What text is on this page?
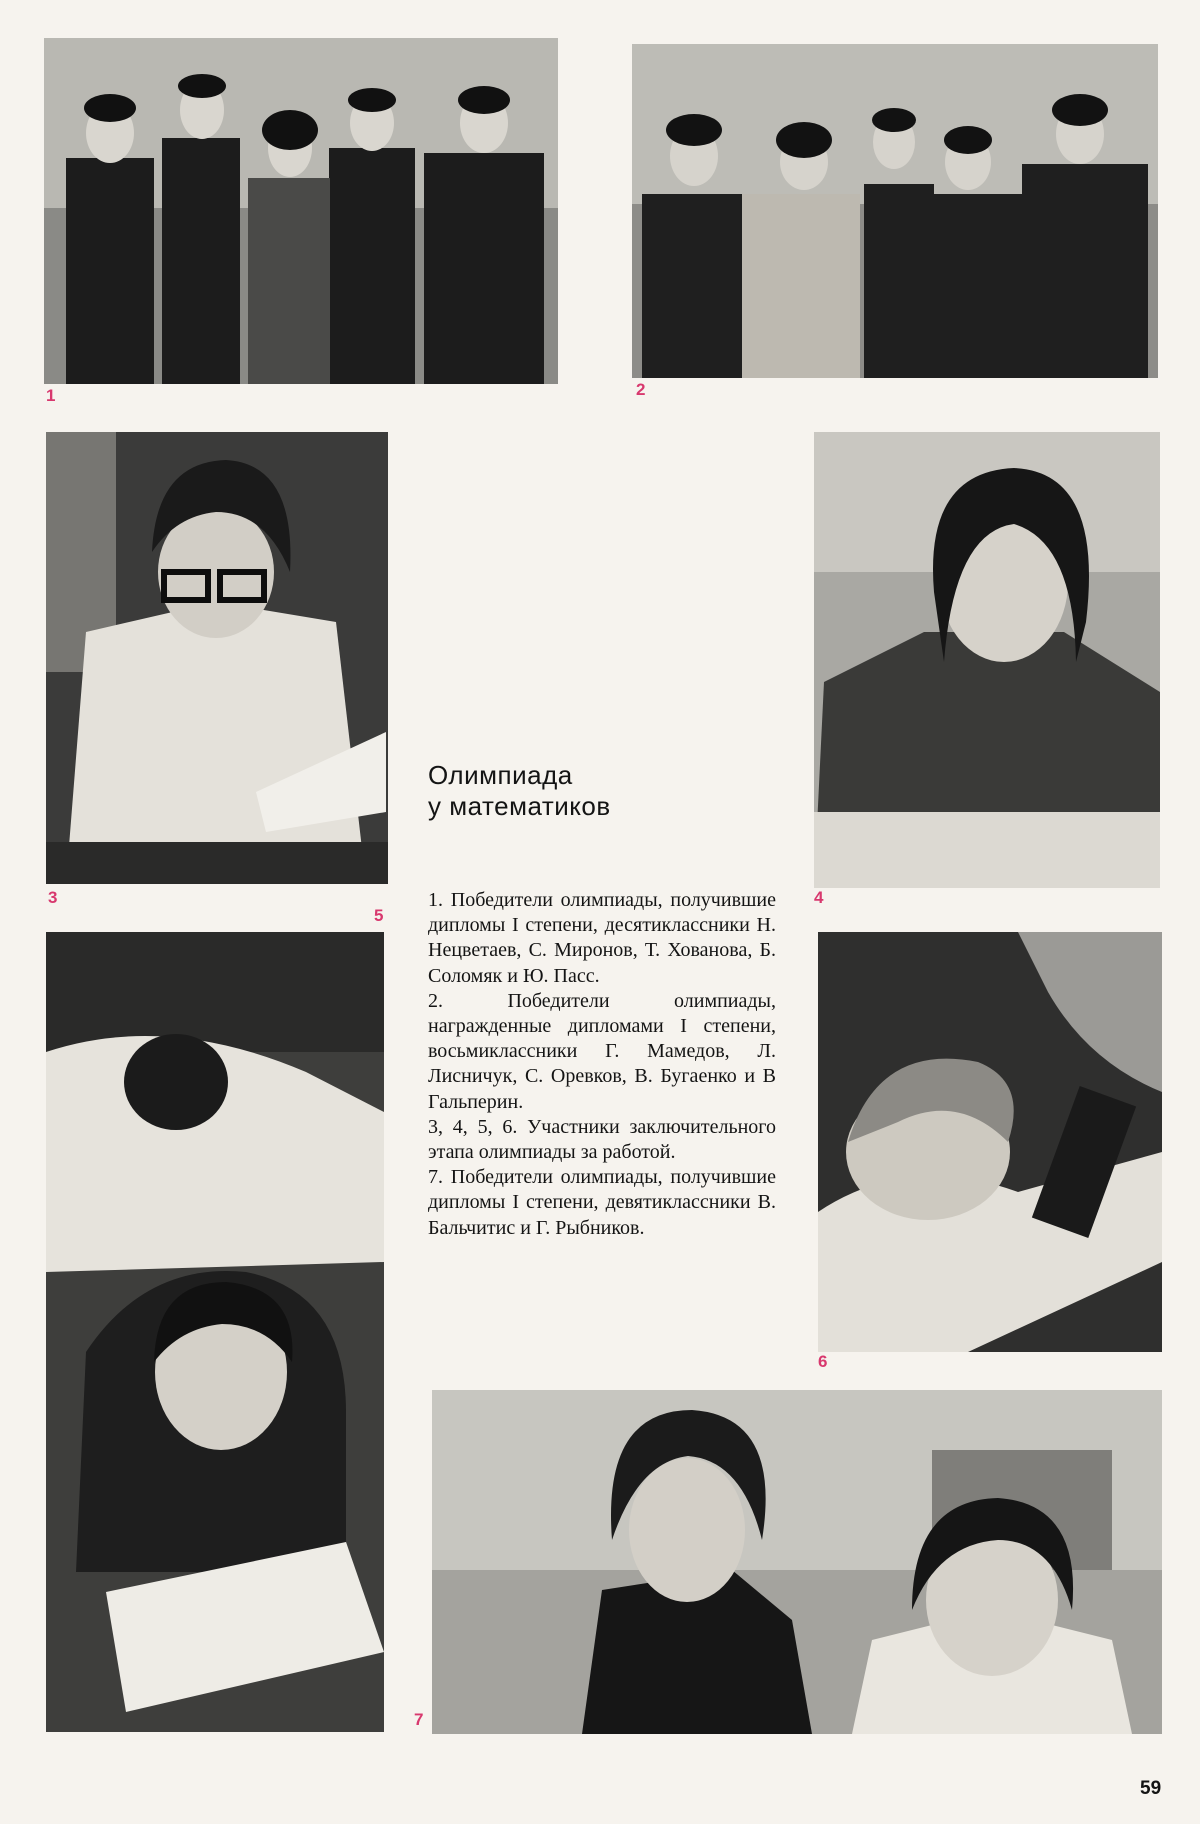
1	2
3	4
5
6
Олимпиада
у математиков

1. Победители олимпиады, получившие дипломы I степени, десятиклассники Н. Нецветаев, С. Миронов, Т. Хованова, Б. Соломяк и Ю. Пасс.

2. Победители олимпиады, награжденные дипломами I степени, восьмиклассники Г. Мамедов, Л. Лисничук, С. Оревков, В. Бугаенко и В Гальперин.

3, 4, 5, 6. Участники заключительного этапа олимпиады за работой.

7. Победители олимпиады, получившие дипломы I степени, девятиклассники В. Бальчитис и Г. Рыбников.

7
59
